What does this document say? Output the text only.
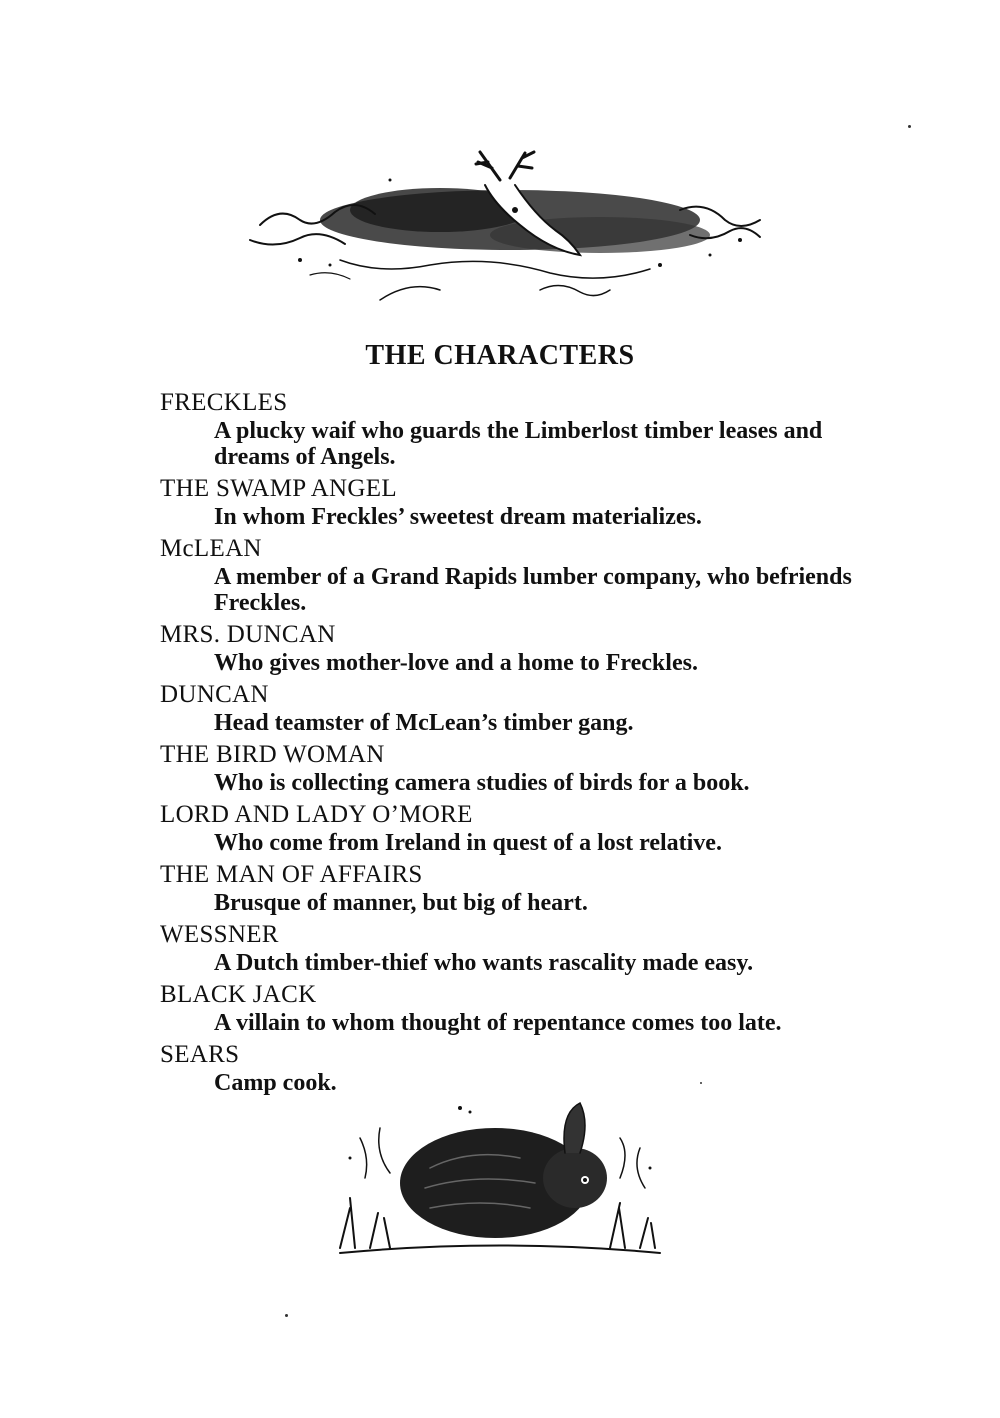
THE CHARACTERS
FRECKLES
A plucky waif who guards the Limberlost timber leases and dreams of Angels.
THE SWAMP ANGEL
In whom Freckles’ sweetest dream materializes.
McLEAN
A member of a Grand Rapids lumber company, who befriends Freckles.
MRS. DUNCAN
Who gives mother-love and a home to Freckles.
DUNCAN
Head teamster of McLean’s timber gang.
THE BIRD WOMAN
Who is collecting camera studies of birds for a book.
LORD AND LADY O’MORE
Who come from Ireland in quest of a lost relative.
THE MAN OF AFFAIRS
Brusque of manner, but big of heart.
WESSNER
A Dutch timber-thief who wants rascality made easy.
BLACK JACK
A villain to whom thought of repentance comes too late.
SEARS
Camp cook.
